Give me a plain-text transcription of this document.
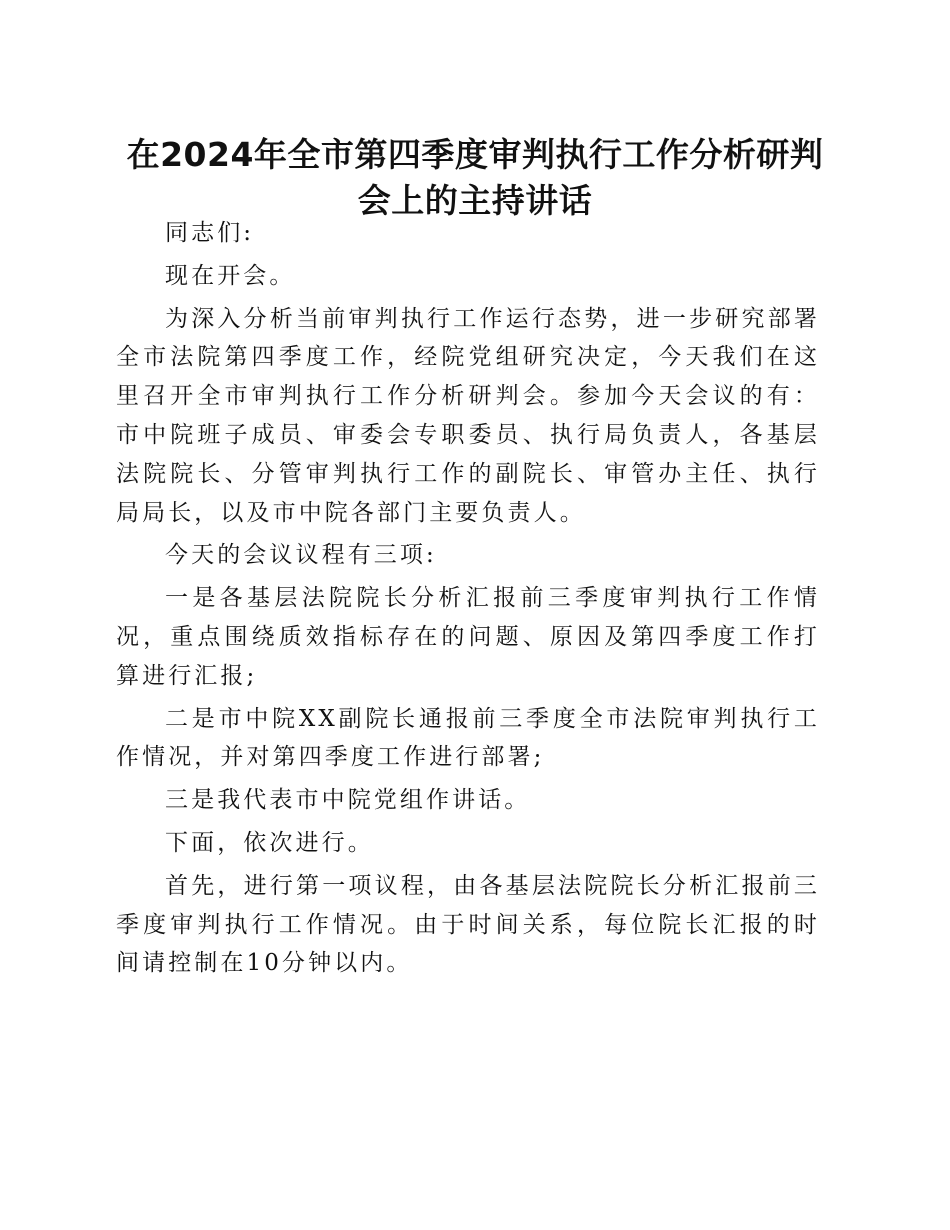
在2024年全市第四季度审判执行工作分析研判
会上的主持讲话

同志们:

现在开会。

为深入分析当前审判执行工作运行态势，进一步研究部署全市法院第四季度工作，经院党组研究决定，今天我们在这里召开全市审判执行工作分析研判会。参加今天会议的有：市中院班子成员、审委会专职委员、执行局负责人，各基层法院院长、分管审判执行工作的副院长、审管办主任、执行局局长，以及市中院各部门主要负责人。

今天的会议议程有三项:

一是各基层法院院长分析汇报前三季度审判执行工作情况，重点围绕质效指标存在的问题、原因及第四季度工作打算进行汇报;

二是市中院XX副院长通报前三季度全市法院审判执行工作情况，并对第四季度工作进行部署;

三是我代表市中院党组作讲话。

下面，依次进行。

首先，进行第一项议程，由各基层法院院长分析汇报前三季度审判执行工作情况。由于时间关系，每位院长汇报的时间请控制在10分钟以内。
